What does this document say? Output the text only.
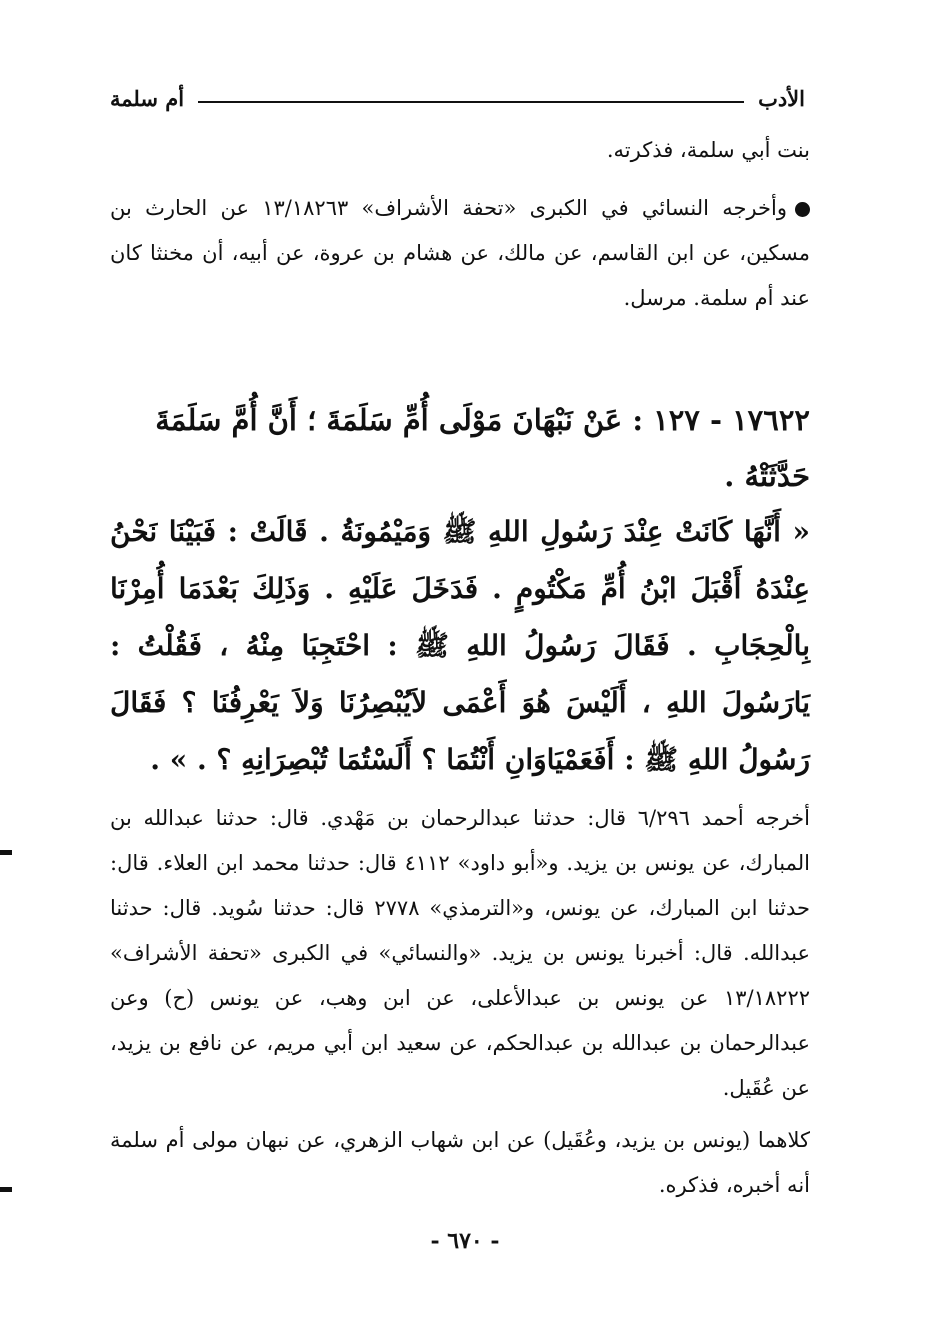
الأدب
أم سلمة
بنت أبي سلمة، فذكرته.
وأخرجه النسائي في الكبرى «تحفة الأشراف» ١٣/١٨٢٦٣ عن الحارث بن مسكين، عن ابن القاسم، عن مالك، عن هشام بن عروة، عن أبيه، أن مخنثا كان عند أم سلمة. مرسل.
١٧٦٢٢ - ١٢٧ : عَنْ نَبْهَانَ مَوْلَى أُمِّ سَلَمَةَ ؛ أَنَّ أُمَّ سَلَمَةَ حَدَّثَتْهُ .
« أَنَّهَا كَانَتْ عِنْدَ رَسُولِ اللهِ ﷺ وَمَيْمُونَةُ . قَالَتْ : فَبَيْنَا نَحْنُ عِنْدَهُ أَقْبَلَ ابْنُ أُمِّ مَكْتُومٍ . فَدَخَلَ عَلَيْهِ . وَذَلِكَ بَعْدَمَا أُمِرْنَا بِالْحِجَابِ . فَقَالَ رَسُولُ اللهِ ﷺ : احْتَجِبَا مِنْهُ ، فَقُلْتُ : يَارَسُولَ اللهِ ، أَلَيْسَ هُوَ أَعْمَى لاَيُبْصِرُنَا وَلاَ يَعْرِفُنَا ؟ فَقَالَ رَسُولُ اللهِ ﷺ : أَفَعَمْيَاوَانِ أَنْتُمَا ؟ أَلَسْتُمَا تُبْصِرَانِهِ ؟ . » .
أخرجه أحمد ٦/٢٩٦ قال: حدثنا عبدالرحمان بن مَهْدي. قال: حدثنا عبدالله بن المبارك، عن يونس بن يزيد. و«أبو داود» ٤١١٢ قال: حدثنا محمد ابن العلاء. قال: حدثنا ابن المبارك، عن يونس، و«الترمذي» ٢٧٧٨ قال: حدثنا سُويد. قال: حدثنا عبدالله. قال: أخبرنا يونس بن يزيد. «والنسائي» في الكبرى «تحفة الأشراف» ١٣/١٨٢٢٢ عن يونس بن عبدالأعلى، عن ابن وهب، عن يونس (ح) وعن عبدالرحمان بن عبدالله بن عبدالحكم، عن سعيد ابن أبي مريم، عن نافع بن يزيد، عن عُقَيل.
كلاهما (يونس بن يزيد، وعُقَيل) عن ابن شهاب الزهري، عن نبهان مولى أم سلمة أنه أخبره، فذكره.
- ٦٧٠ -
